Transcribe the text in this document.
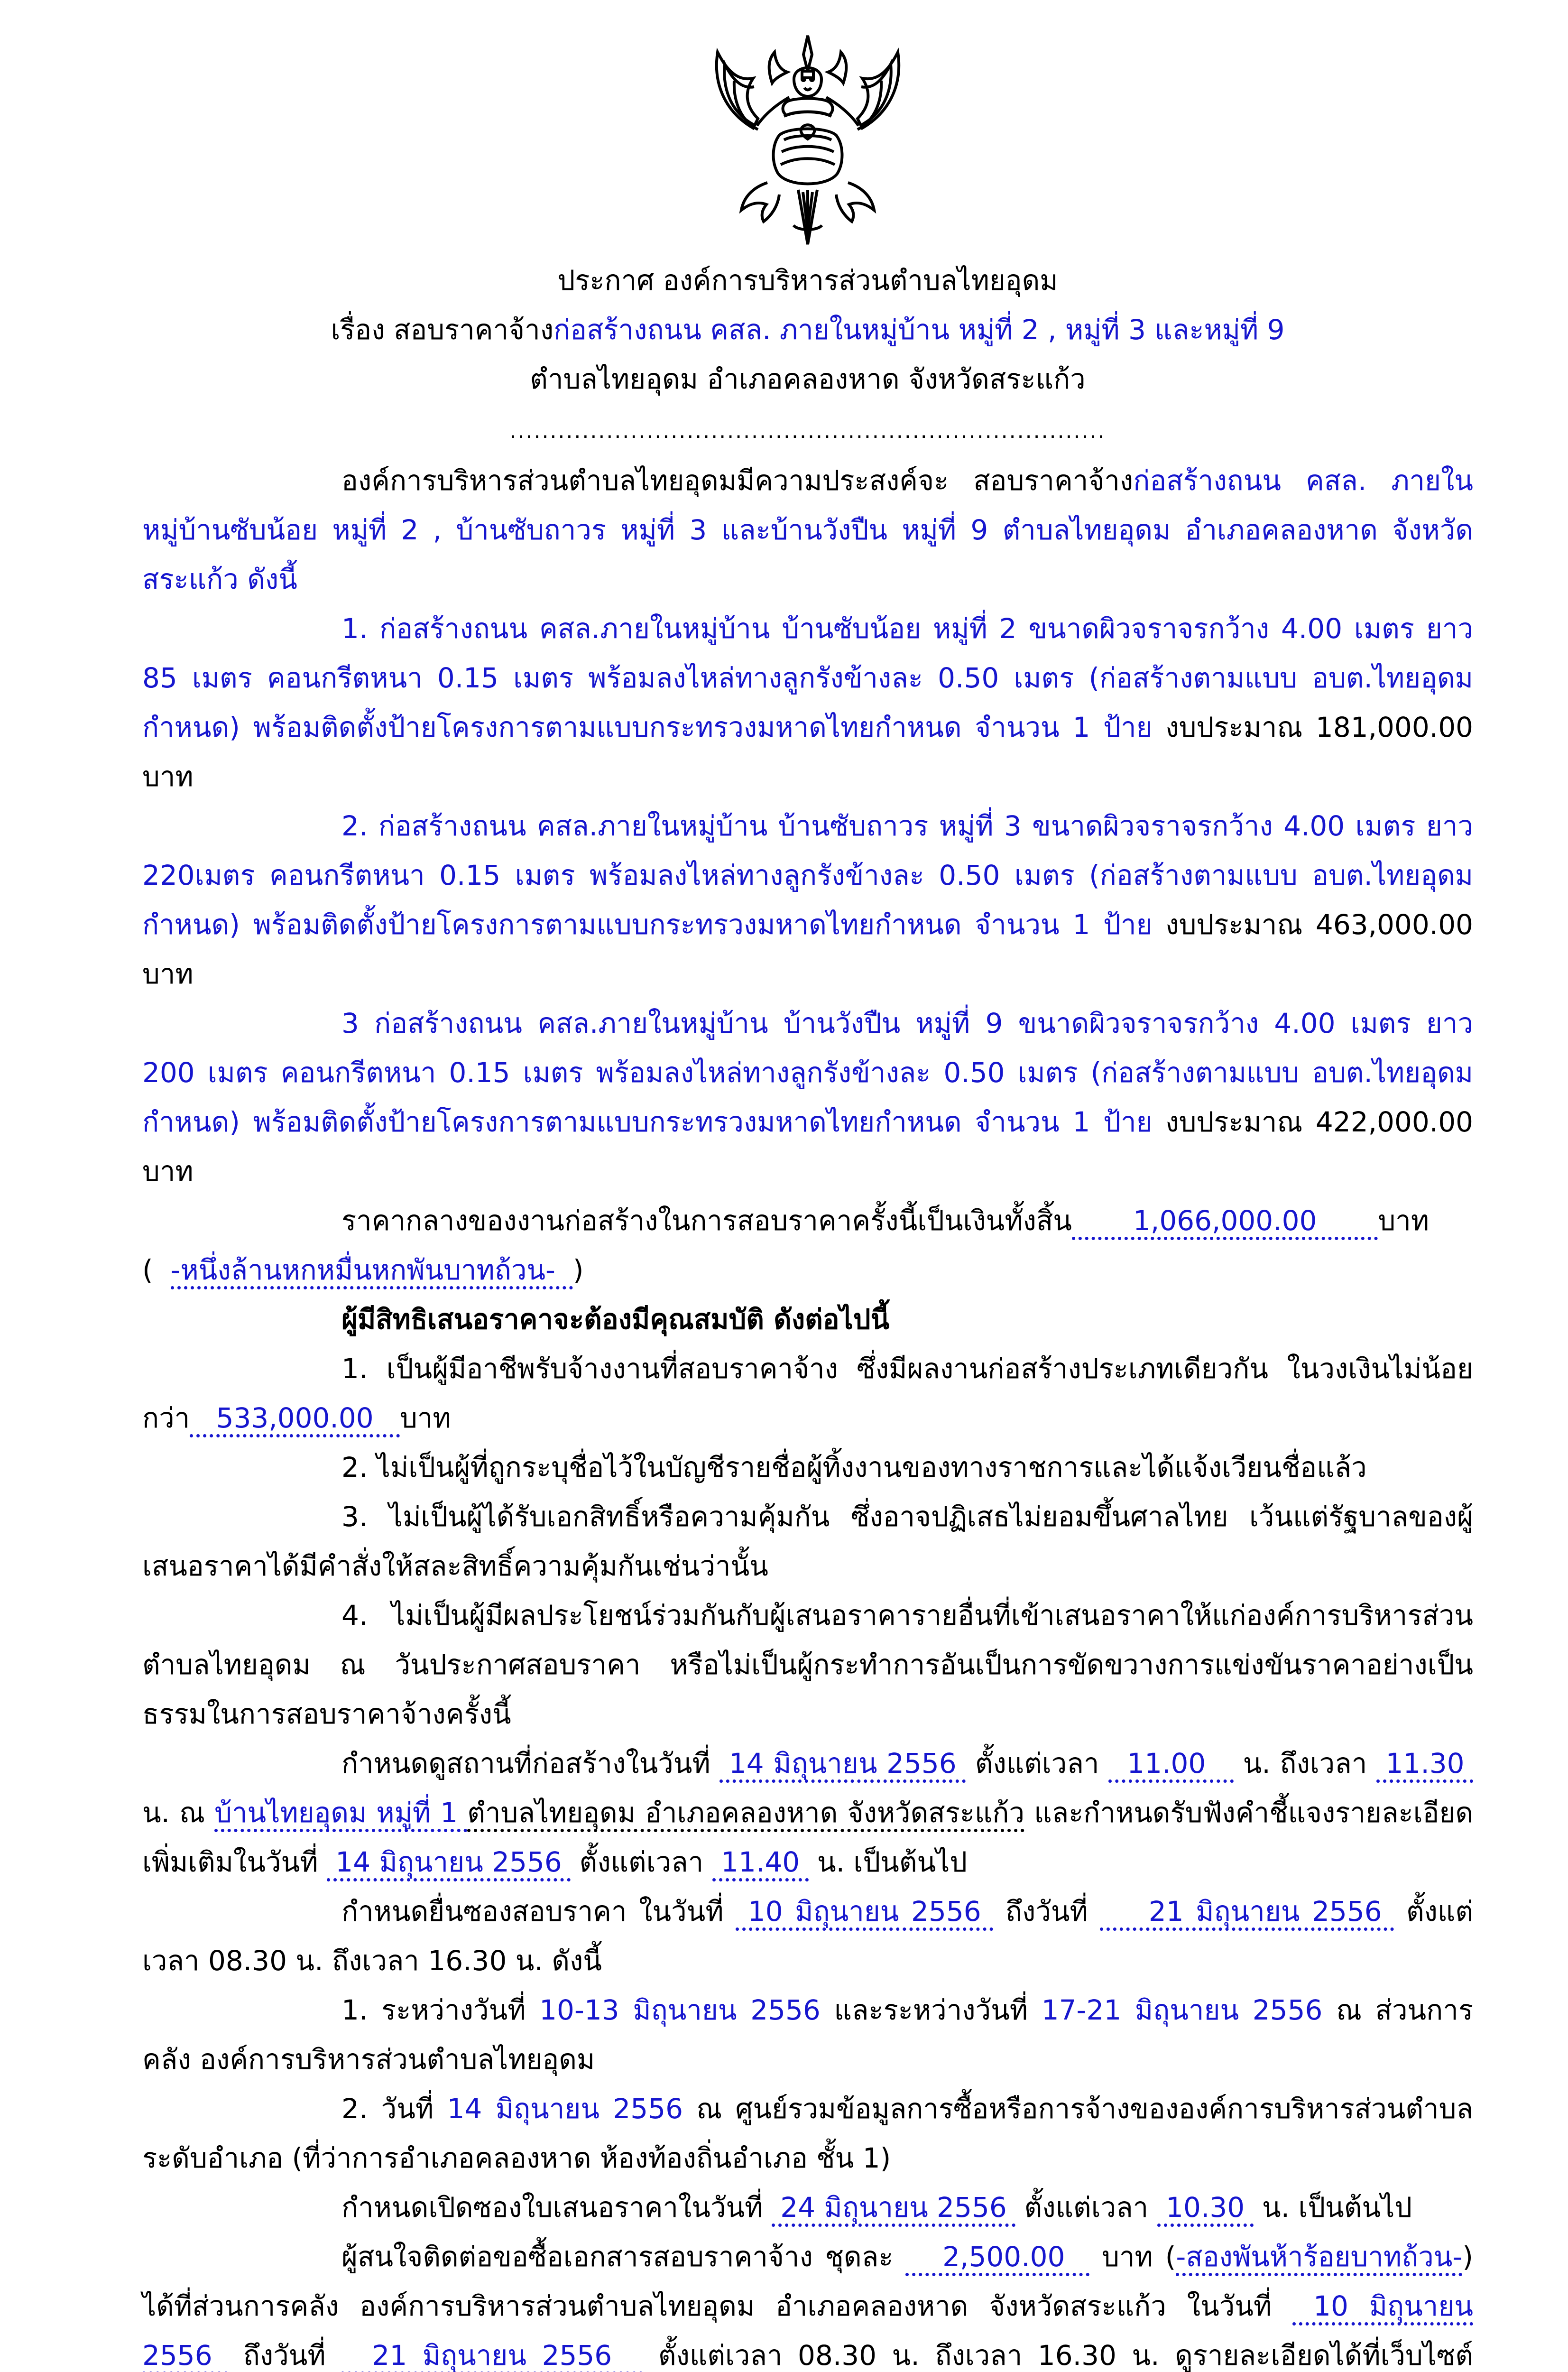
ประกาศ องค์การบริหารส่วนตำบลไทยอุดม

เรื่อง สอบราคาจ้างก่อสร้างถนน คสล. ภายในหมู่บ้าน หมู่ที่ 2 , หมู่ที่ 3 และหมู่ที่ 9

ตำบลไทยอุดม อำเภอคลองหาด จังหวัดสระแก้ว

..........................................................................

องค์การบริหารส่วนตำบลไทยอุดมมีความประสงค์จะ สอบราคาจ้างก่อสร้างถนน คสล. ภายในหมู่บ้านซับน้อย หมู่ที่ 2 , บ้านซับถาวร หมู่ที่ 3 และบ้านวังปืน หมู่ที่ 9 ตำบลไทยอุดม อำเภอคลองหาด จังหวัดสระแก้ว ดังนี้

1. ก่อสร้างถนน คสล.ภายในหมู่บ้าน บ้านซับน้อย หมู่ที่ 2 ขนาดผิวจราจรกว้าง 4.00 เมตร ยาว 85 เมตร คอนกรีตหนา 0.15 เมตร พร้อมลงไหล่ทางลูกรังข้างละ 0.50 เมตร (ก่อสร้างตามแบบ อบต.ไทยอุดมกำหนด) พร้อมติดตั้งป้ายโครงการตามแบบกระทรวงมหาดไทยกำหนด จำนวน 1 ป้าย งบประมาณ 181,000.00 บาท

2. ก่อสร้างถนน คสล.ภายในหมู่บ้าน บ้านซับถาวร หมู่ที่ 3 ขนาดผิวจราจรกว้าง 4.00 เมตร ยาว 220เมตร คอนกรีตหนา 0.15 เมตร พร้อมลงไหล่ทางลูกรังข้างละ 0.50 เมตร (ก่อสร้างตามแบบ อบต.ไทยอุดมกำหนด) พร้อมติดตั้งป้ายโครงการตามแบบกระทรวงมหาดไทยกำหนด จำนวน 1 ป้าย งบประมาณ 463,000.00 บาท

3 ก่อสร้างถนน คสล.ภายในหมู่บ้าน บ้านวังปืน หมู่ที่ 9 ขนาดผิวจราจรกว้าง 4.00 เมตร ยาว 200 เมตร คอนกรีตหนา 0.15 เมตร พร้อมลงไหล่ทางลูกรังข้างละ 0.50 เมตร (ก่อสร้างตามแบบ อบต.ไทยอุดมกำหนด) พร้อมติดตั้งป้ายโครงการตามแบบกระทรวงมหาดไทยกำหนด จำนวน 1 ป้าย งบประมาณ 422,000.00 บาท

ราคากลางของงานก่อสร้างในการสอบราคาครั้งนี้เป็นเงินทั้งสิ้น       1,066,000.00       บาท

(  -หนึ่งล้านหกหมื่นหกพันบาทถ้วน-  )

ผู้มีสิทธิเสนอราคาจะต้องมีคุณสมบัติ ดังต่อไปนี้

1. เป็นผู้มีอาชีพรับจ้างงานที่สอบราคาจ้าง ซึ่งมีผลงานก่อสร้างประเภทเดียวกัน ในวงเงินไม่น้อยกว่า   533,000.00   บาท

2. ไม่เป็นผู้ที่ถูกระบุชื่อไว้ในบัญชีรายชื่อผู้ทิ้งงานของทางราชการและได้แจ้งเวียนชื่อแล้ว

3. ไม่เป็นผู้ได้รับเอกสิทธิ์หรือความคุ้มกัน ซึ่งอาจปฏิเสธไม่ยอมขึ้นศาลไทย เว้นแต่รัฐบาลของผู้เสนอราคาได้มีคำสั่งให้สละสิทธิ์ความคุ้มกันเช่นว่านั้น

4. ไม่เป็นผู้มีผลประโยชน์ร่วมกันกับผู้เสนอราคารายอื่นที่เข้าเสนอราคาให้แก่องค์การบริหารส่วนตำบลไทยอุดม ณ วันประกาศสอบราคา หรือไม่เป็นผู้กระทำการอันเป็นการขัดขวางการแข่งขันราคาอย่างเป็นธรรมในการสอบราคาจ้างครั้งนี้

กำหนดดูสถานที่ก่อสร้างในวันที่  14 มิถุนายน 2556  ตั้งแต่เวลา   11.00    น. ถึงเวลา  11.30  น. ณ บ้านไทยอุดม หมู่ที่ 1 ตำบลไทยอุดม อำเภอคลองหาด จังหวัดสระแก้ว และกำหนดรับฟังคำชี้แจงรายละเอียดเพิ่มเติมในวันที่  14 มิถุนายน 2556  ตั้งแต่เวลา  11.40  น. เป็นต้นไป

กำหนดยื่นซองสอบราคา ในวันที่  10 มิถุนายน 2556  ถึงวันที่     21 มิถุนายน 2556  ตั้งแต่เวลา 08.30 น. ถึงเวลา 16.30 น. ดังนี้

1. ระหว่างวันที่ 10-13 มิถุนายน 2556 และระหว่างวันที่ 17-21 มิถุนายน 2556 ณ ส่วนการคลัง องค์การบริหารส่วนตำบลไทยอุดม

2. วันที่ 14 มิถุนายน 2556 ณ ศูนย์รวมข้อมูลการซื้อหรือการจ้างขององค์การบริหารส่วนตำบลระดับอำเภอ (ที่ว่าการอำเภอคลองหาด ห้องท้องถิ่นอำเภอ ชั้น 1)

กำหนดเปิดซองใบเสนอราคาในวันที่  24 มิถุนายน 2556  ตั้งแต่เวลา  10.30  น. เป็นต้นไป

ผู้สนใจติดต่อขอซื้อเอกสารสอบราคาจ้าง ชุดละ    2,500.00   บาท (-สองพันห้าร้อยบาทถ้วน-) ได้ที่ส่วนการคลัง องค์การบริหารส่วนตำบลไทยอุดม อำเภอคลองหาด จังหวัดสระแก้ว ในวันที่  10 มิถุนายน 2556  ถึงวันที่   21 มิถุนายน 2556   ตั้งแต่เวลา 08.30 น. ถึงเวลา 16.30 น. ดูรายละเอียดได้ที่เว็บไซต์
